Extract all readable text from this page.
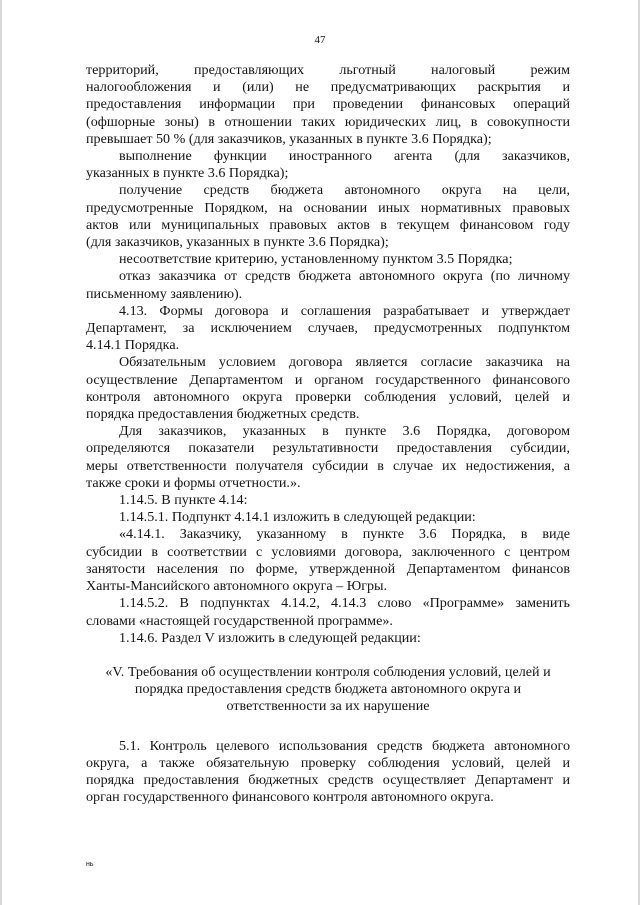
47

территорий, предоставляющих льготный налоговый режим

налогообложения и (или) не предусматривающих раскрытия и

предоставления информации при проведении финансовых операций

(офшорные зоны) в отношении таких юридических лиц, в совокупности

превышает 50 % (для заказчиков, указанных в пункте 3.6 Порядка);

выполнение функции иностранного агента (для заказчиков,

указанных в пункте 3.6 Порядка);

получение средств бюджета автономного округа на цели,

предусмотренные Порядком, на основании иных нормативных правовых

актов или муниципальных правовых актов в текущем финансовом году

(для заказчиков, указанных в пункте 3.6 Порядка);

несоответствие критерию, установленному пунктом 3.5 Порядка;

отказ заказчика от средств бюджета автономного округа (по личному

письменному заявлению).

4.13. Формы договора и соглашения разрабатывает и утверждает

Департамент, за исключением случаев, предусмотренных подпунктом

4.14.1 Порядка.

Обязательным условием договора является согласие заказчика на

осуществление Департаментом и органом государственного финансового

контроля автономного округа проверки соблюдения условий, целей и

порядка предоставления бюджетных средств.

Для заказчиков, указанных в пункте 3.6 Порядка, договором

определяются показатели результативности предоставления субсидии,

меры ответственности получателя субсидии в случае их недостижения, а

также сроки и формы отчетности.».

1.14.5. В пункте 4.14:

1.14.5.1. Подпункт 4.14.1 изложить в следующей редакции:

«4.14.1. Заказчику, указанному в пункте 3.6 Порядка, в виде

субсидии в соответствии с условиями договора, заключенного с центром

занятости населения по форме, утвержденной Департаментом финансов

Ханты-Мансийского автономного округа – Югры.

1.14.5.2. В подпунктах 4.14.2, 4.14.3 слово «Программе» заменить

словами «настоящей государственной программе».

1.14.6. Раздел V изложить в следующей редакции:

«V. Требования об осуществлении контроля соблюдения условий, целей и

порядка предоставления средств бюджета автономного округа и

ответственности за их нарушение

5.1. Контроль целевого использования средств бюджета автономного

округа, а также обязательную проверку соблюдения условий, целей и

порядка предоставления бюджетных средств осуществляет Департамент и

орган государственного финансового контроля автономного округа.

нь
